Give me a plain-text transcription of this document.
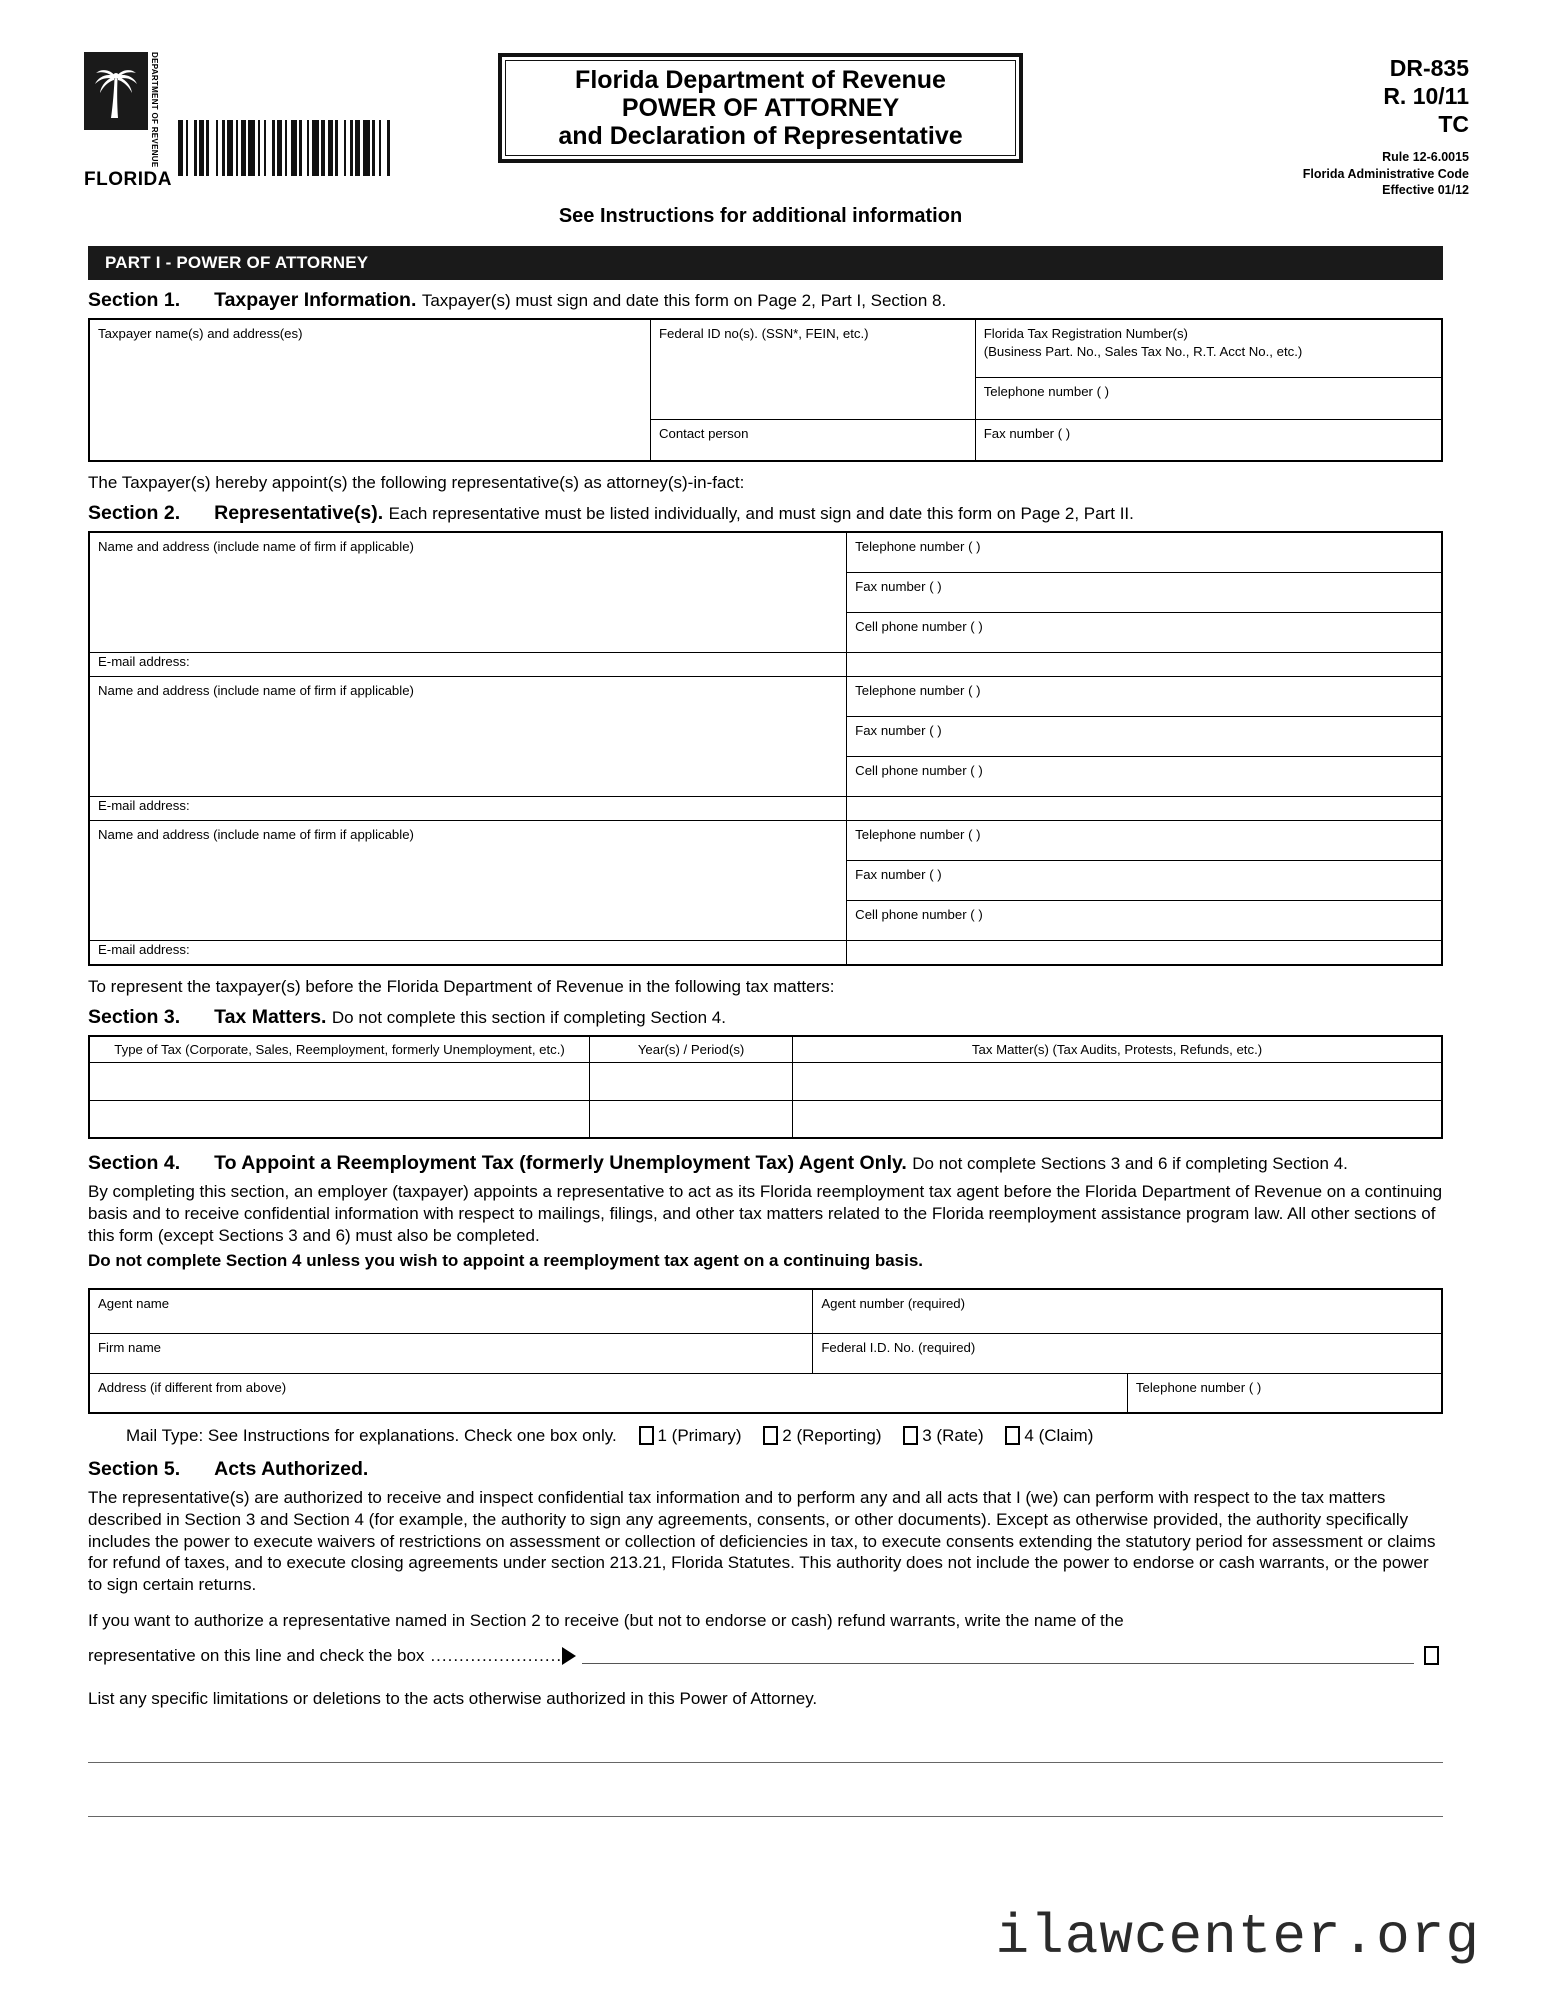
DEPARTMENT OF REVENUE
FLORIDA
Florida Department of Revenue
POWER OF ATTORNEY
and Declaration of Representative
See Instructions for additional information
DR-835
R. 10/11
TC
Rule 12-6.0015
Florida Administrative Code
Effective 01/12
PART I - POWER OF ATTORNEY
Section 1. Taxpayer Information. Taxpayer(s) must sign and date this form on Page 2, Part I, Section 8.
Taxpayer name(s) and address(es)	Federal ID no(s). (SSN*, FEIN, etc.)	Florida Tax Registration Number(s)
(Business Part. No., Sales Tax No., R.T. Acct No., etc.)
		Telephone number ( )
	Contact person	Fax number ( )
The Taxpayer(s) hereby appoint(s) the following representative(s) as attorney(s)-in-fact:
Section 2. Representative(s). Each representative must be listed individually, and must sign and date this form on Page 2, Part II.
Name and address (include name of firm if applicable)	Telephone number ( )
	Fax number ( )
	Cell phone number ( )
E-mail address:	
Name and address (include name of firm if applicable)	Telephone number ( )
	Fax number ( )
	Cell phone number ( )
E-mail address:	
Name and address (include name of firm if applicable)	Telephone number ( )
	Fax number ( )
	Cell phone number ( )
E-mail address:	
To represent the taxpayer(s) before the Florida Department of Revenue in the following tax matters:
Section 3. Tax Matters. Do not complete this section if completing Section 4.
Type of Tax (Corporate, Sales, Reemployment, formerly Unemployment, etc.)	Year(s) / Period(s)	Tax Matter(s) (Tax Audits, Protests, Refunds, etc.)

Section 4. To Appoint a Reemployment Tax (formerly Unemployment Tax) Agent Only. Do not complete Sections 3 and 6 if completing Section 4.
By completing this section, an employer (taxpayer) appoints a representative to act as its Florida reemployment tax agent before the Florida Department of Revenue on a continuing basis and to receive confidential information with respect to mailings, filings, and other tax matters related to the Florida reemployment assistance program law. All other sections of this form (except Sections 3 and 6) must also be completed.
Do not complete Section 4 unless you wish to appoint a reemployment tax agent on a continuing basis.
Agent name	Agent number (required)	
Firm name	Federal I.D. No. (required)	
Address (if different from above)		Telephone number ( )
Mail Type: See Instructions for explanations. Check one box only. 1 (Primary) 2 (Reporting) 3 (Rate) 4 (Claim)
Section 5. Acts Authorized.
The representative(s) are authorized to receive and inspect confidential tax information and to perform any and all acts that I (we) can perform with respect to the tax matters described in Section 3 and Section 4 (for example, the authority to sign any agreements, consents, or other documents). Except as otherwise provided, the authority specifically includes the power to execute waivers of restrictions on assessment or collection of deficiencies in tax, to execute consents extending the statutory period for assessment or claims for refund of taxes, and to execute closing agreements under section 213.21, Florida Statutes. This authority does not include the power to endorse or cash warrants, or the power to sign certain returns.
If you want to authorize a representative named in Section 2 to receive (but not to endorse or cash) refund warrants, write the name of the
representative on this line and check the box .......................
List any specific limitations or deletions to the acts otherwise authorized in this Power of Attorney.
ilawcenter.org
